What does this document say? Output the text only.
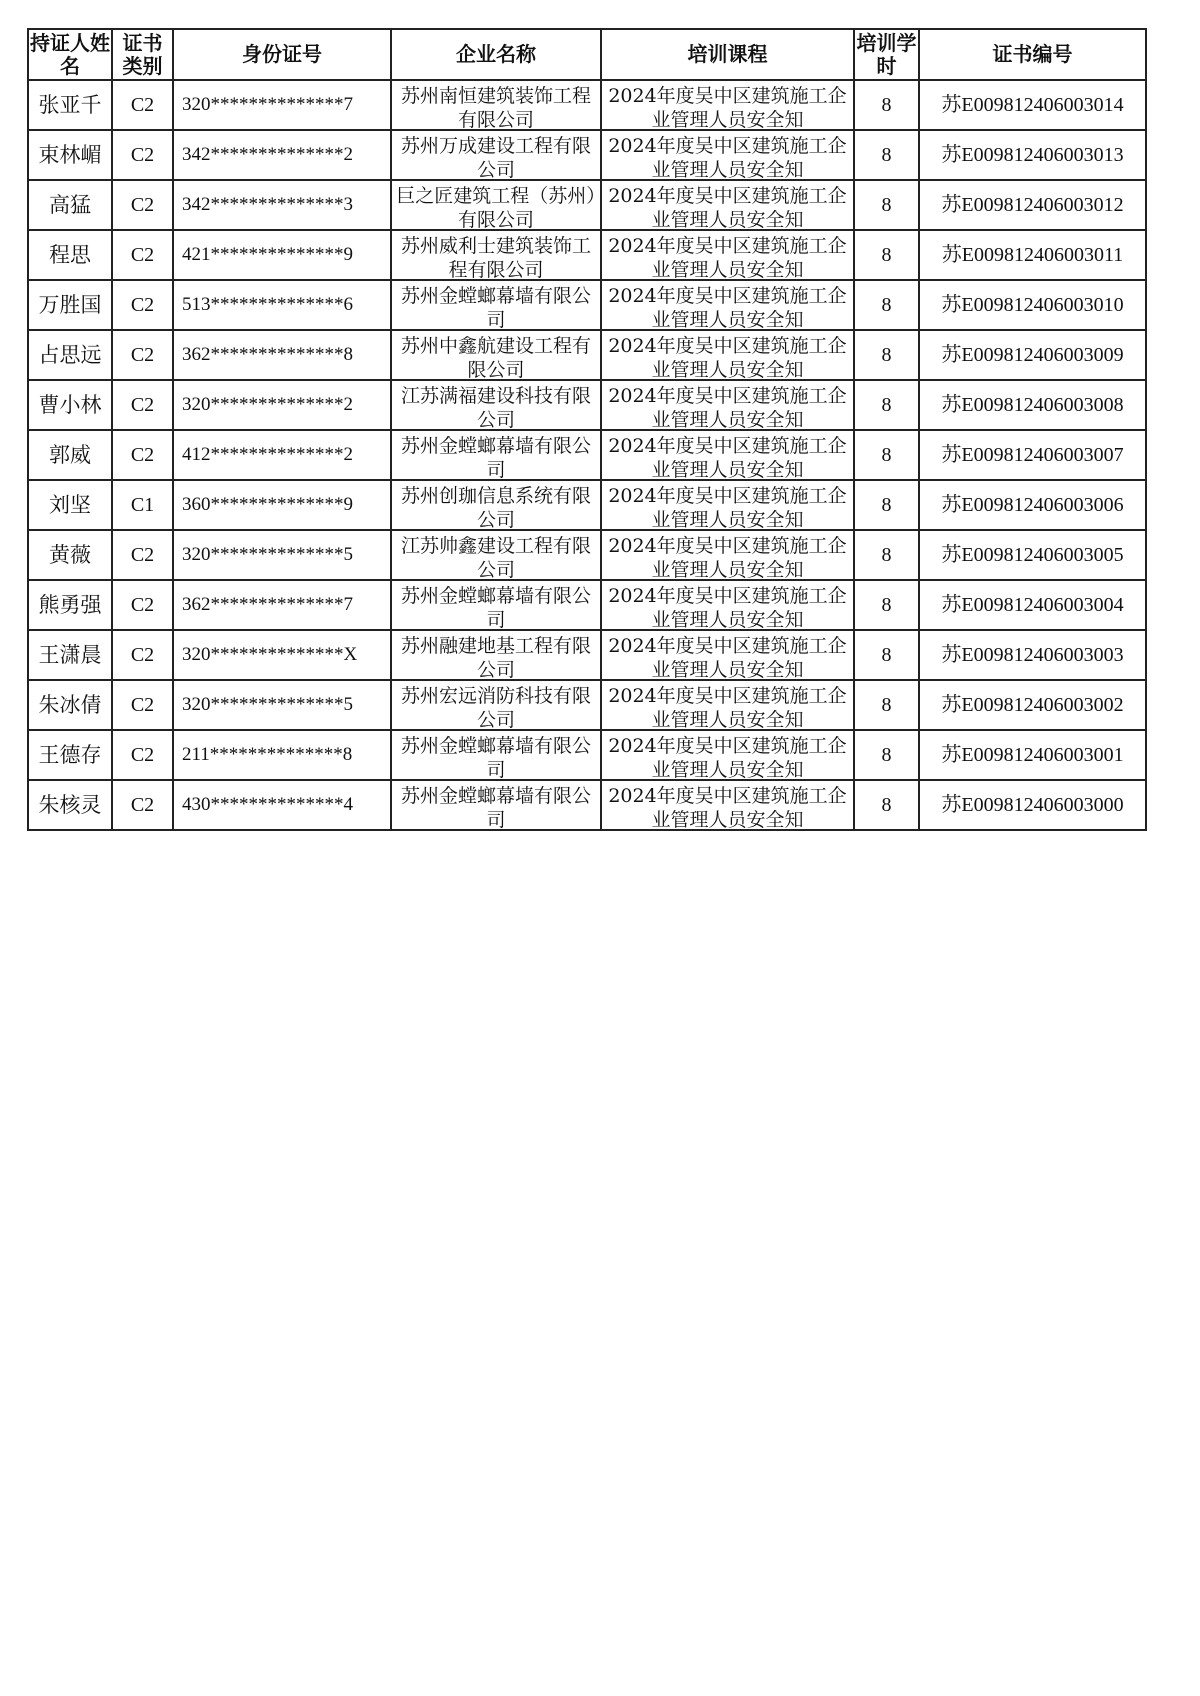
持证人姓名	证书类别	身份证号	企业名称	培训课程	培训学时	证书编号
张亚千	C2	320**************7	苏州南恒建筑装饰工程有限公司	2024年度吴中区建筑施工企业管理人员安全知	8	苏E009812406003014
束林嵋	C2	342**************2	苏州万成建设工程有限公司	2024年度吴中区建筑施工企业管理人员安全知	8	苏E009812406003013
高猛	C2	342**************3	巨之匠建筑工程（苏州）有限公司	2024年度吴中区建筑施工企业管理人员安全知	8	苏E009812406003012
程思	C2	421**************9	苏州威利士建筑装饰工程有限公司	2024年度吴中区建筑施工企业管理人员安全知	8	苏E009812406003011
万胜国	C2	513**************6	苏州金螳螂幕墙有限公司	2024年度吴中区建筑施工企业管理人员安全知	8	苏E009812406003010
占思远	C2	362**************8	苏州中鑫航建设工程有限公司	2024年度吴中区建筑施工企业管理人员安全知	8	苏E009812406003009
曹小林	C2	320**************2	江苏满福建设科技有限公司	2024年度吴中区建筑施工企业管理人员安全知	8	苏E009812406003008
郭威	C2	412**************2	苏州金螳螂幕墙有限公司	2024年度吴中区建筑施工企业管理人员安全知	8	苏E009812406003007
刘坚	C1	360**************9	苏州创珈信息系统有限公司	2024年度吴中区建筑施工企业管理人员安全知	8	苏E009812406003006
黄薇	C2	320**************5	江苏帅鑫建设工程有限公司	2024年度吴中区建筑施工企业管理人员安全知	8	苏E009812406003005
熊勇强	C2	362**************7	苏州金螳螂幕墙有限公司	2024年度吴中区建筑施工企业管理人员安全知	8	苏E009812406003004
王潇晨	C2	320**************X	苏州融建地基工程有限公司	2024年度吴中区建筑施工企业管理人员安全知	8	苏E009812406003003
朱冰倩	C2	320**************5	苏州宏远消防科技有限公司	2024年度吴中区建筑施工企业管理人员安全知	8	苏E009812406003002
王德存	C2	211**************8	苏州金螳螂幕墙有限公司	2024年度吴中区建筑施工企业管理人员安全知	8	苏E009812406003001
朱核灵	C2	430**************4	苏州金螳螂幕墙有限公司	2024年度吴中区建筑施工企业管理人员安全知	8	苏E009812406003000
